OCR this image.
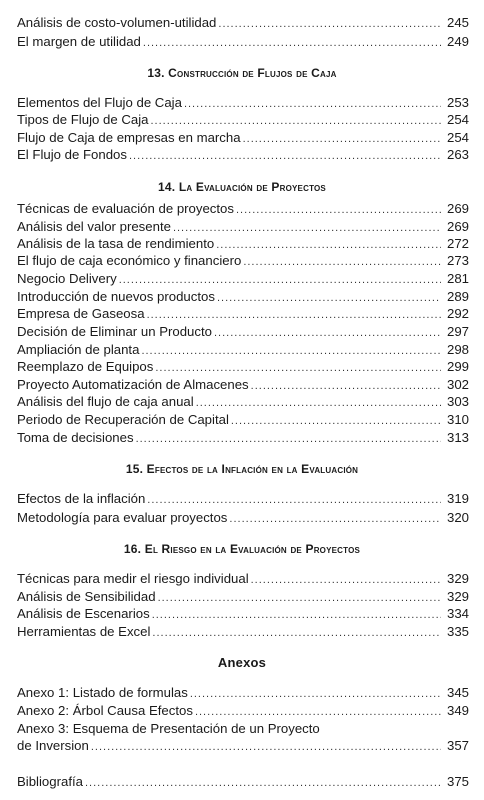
Análisis de costo-volumen-utilidad .....	245
El margen de utilidad .....	249
13. Construcción de Flujos de Caja
Elementos del Flujo de Caja .....	253
Tipos de Flujo de Caja .....	254
Flujo de Caja de empresas en marcha .....	254
El Flujo de Fondos .....	263
14. La Evaluación de Proyectos
Técnicas de evaluación de proyectos .....	269
Análisis del valor presente .....	269
Análisis de la tasa de rendimiento .....	272
El flujo de caja económico y financiero .....	273
Negocio Delivery .....	281
Introducción de nuevos productos .....	289
Empresa de Gaseosa .....	292
Decisión de Eliminar un Producto .....	297
Ampliación de planta .....	298
Reemplazo de Equipos .....	299
Proyecto Automatización de Almacenes .....	302
Análisis del flujo de caja anual .....	303
Periodo de Recuperación de Capital .....	310
Toma de decisiones .....	313
15. Efectos de la Inflación en la Evaluación
Efectos de la inflación .....	319
Metodología para evaluar proyectos .....	320
16. El Riesgo en la Evaluación de Proyectos
Técnicas para medir el riesgo individual .....	329
Análisis de Sensibilidad .....	329
Análisis de Escenarios .....	334
Herramientas de Excel .....	335
Anexos
Anexo 1: Listado de formulas .....	345
Anexo 2: Árbol Causa Efectos .....	349
Anexo 3: Esquema de Presentación de un Proyecto
de Inversion .....	357
Bibliografía .....	375
